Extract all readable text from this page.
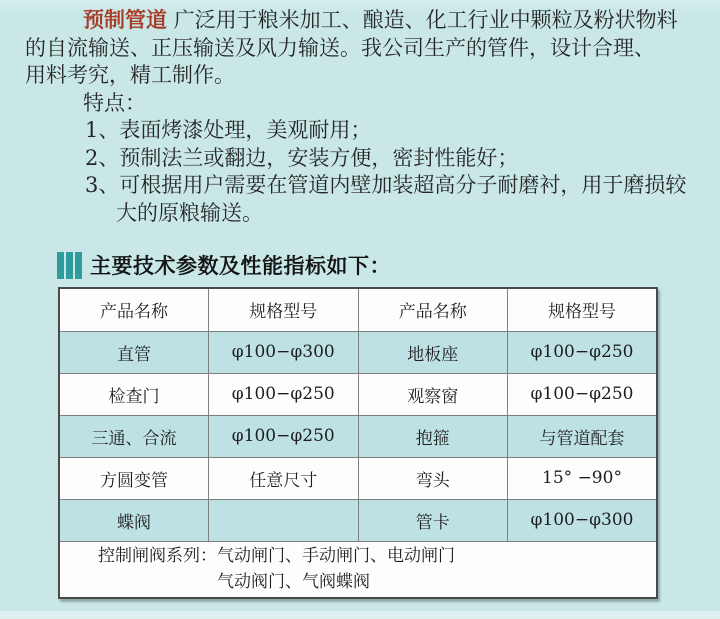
预制管道 广泛用于粮米加工、酿造、化工行业中颗粒及粉状物料
的自流输送、正压输送及风力输送。我公司生产的管件，设计合理、
用料考究，精工制作。
特点：
1、表面烤漆处理，美观耐用；
2、预制法兰或翻边，安装方便，密封性能好；
3、可根据用户需要在管道内壁加装超高分子耐磨衬，用于磨损较
大的原粮输送。
主要技术参数及性能指标如下：
产品名称	规格型号	产品名称	规格型号
直管	φ100−φ300	地板座	φ100−φ250
检查门	φ100−φ250	观察窗	φ100−φ250
三通、合流	φ100−φ250	抱箍	与管道配套
方圆变管	任意尺寸	弯头	15° −90°
蝶阀		管卡	φ100−φ300

控制闸阀系列：气动闸门、手动闸门、电动闸门
气动阀门、气阀蝶阀			
